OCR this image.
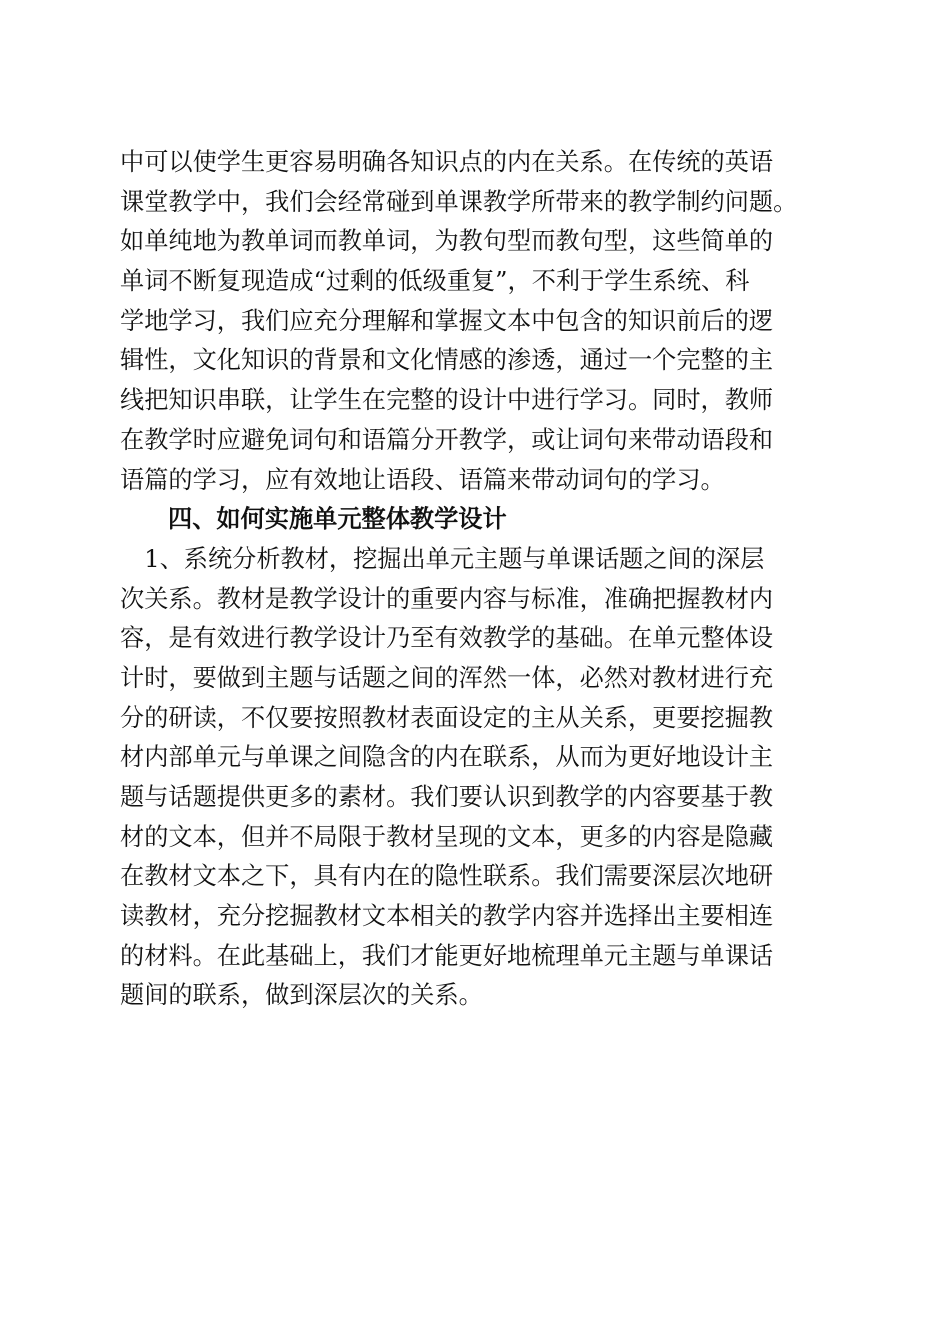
中可以使学生更容易明确各知识点的内在关系。在传统的英语
课堂教学中，我们会经常碰到单课教学所带来的教学制约问题。
如单纯地为教单词而教单词，为教句型而教句型，这些简单的
单词不断复现造成“过剩的低级重复”，不利于学生系统、科
学地学习，我们应充分理解和掌握文本中包含的知识前后的逻
辑性，文化知识的背景和文化情感的渗透，通过一个完整的主
线把知识串联，让学生在完整的设计中进行学习。同时，教师
在教学时应避免词句和语篇分开教学，或让词句来带动语段和
语篇的学习，应有效地让语段、语篇来带动词句的学习。
四、如何实施单元整体教学设计
　1、系统分析教材，挖掘出单元主题与单课话题之间的深层
次关系。教材是教学设计的重要内容与标准，准确把握教材内
容，是有效进行教学设计乃至有效教学的基础。在单元整体设
计时，要做到主题与话题之间的浑然一体，必然对教材进行充
分的研读，不仅要按照教材表面设定的主从关系，更要挖掘教
材内部单元与单课之间隐含的内在联系，从而为更好地设计主
题与话题提供更多的素材。我们要认识到教学的内容要基于教
材的文本，但并不局限于教材呈现的文本，更多的内容是隐藏
在教材文本之下，具有内在的隐性联系。我们需要深层次地研
读教材，充分挖掘教材文本相关的教学内容并选择出主要相连
的材料。在此基础上，我们才能更好地梳理单元主题与单课话
题间的联系，做到深层次的关系。
